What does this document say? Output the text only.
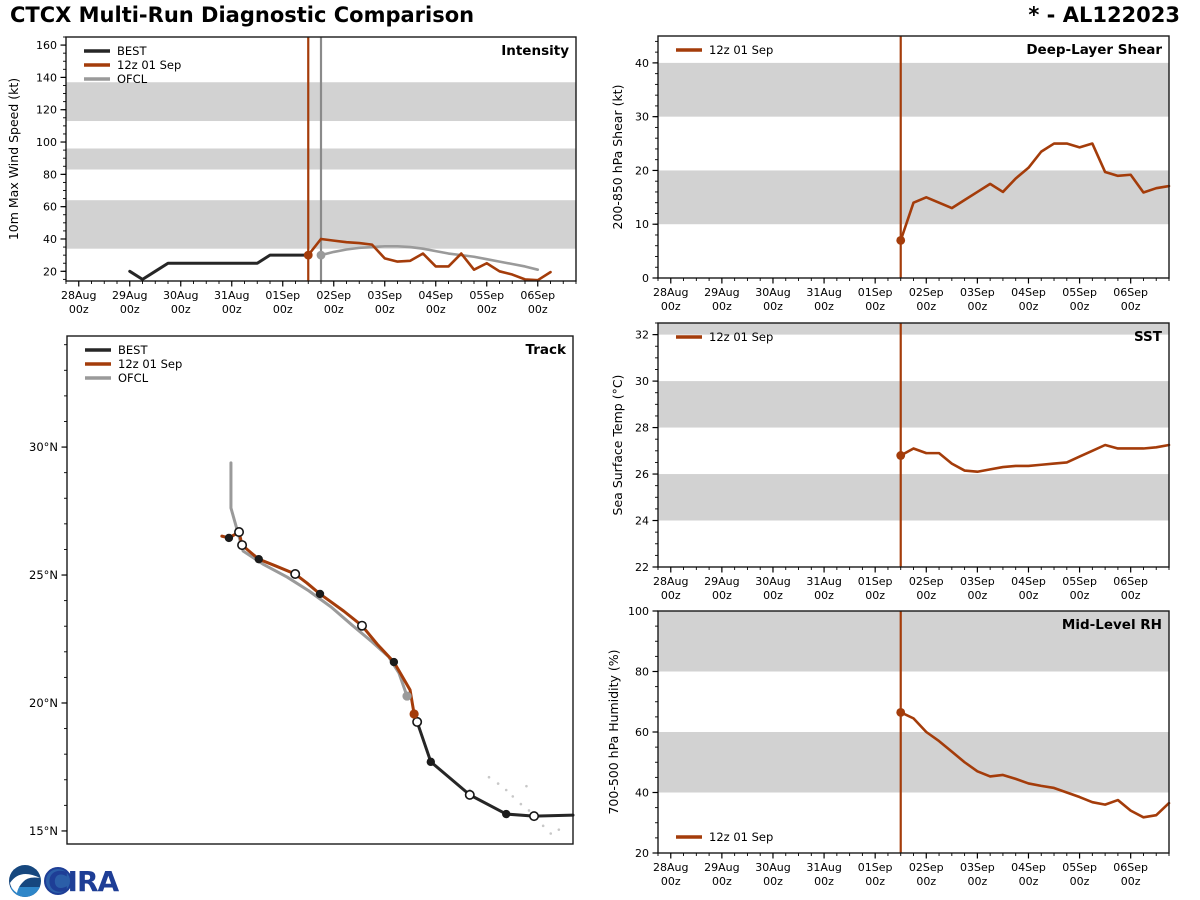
CTCX Multi-Run Diagnostic Comparison	* - AL122023
Intensity
28Aug
00z
29Aug
00z
30Aug
00z
31Aug
00z
01Sep
00z
02Sep
00z
03Sep
00z
04Sep
00z
05Sep
00z
06Sep
00z
20
40
60
80
100
120
140
160
10m Max Wind Speed (kt)
BEST
12z 01 Sep
OFCL
Deep-Layer Shear
28Aug
00z
29Aug
00z
30Aug
00z
31Aug
00z
01Sep
00z
02Sep
00z
03Sep
00z
04Sep
00z
05Sep
00z
06Sep
00z
0
10
20
30
40
200-850 hPa Shear (kt)
12z 01 Sep
SST
28Aug
00z
29Aug
00z
30Aug
00z
31Aug
00z
01Sep
00z
02Sep
00z
03Sep
00z
04Sep
00z
05Sep
00z
06Sep
00z
22
24
26
28
30
32
Sea Surface Temp (°C)
12z 01 Sep
Mid-Level RH
28Aug
00z
29Aug
00z
30Aug
00z
31Aug
00z
01Sep
00z
02Sep
00z
03Sep
00z
04Sep
00z
05Sep
00z
06Sep
00z
20
40
60
80
100
700-500 hPa Humidity (%)
12z 01 Sep
Track
15°N
20°N
25°N
30°N
BEST
12z 01 Sep
OFCL
CIRA
